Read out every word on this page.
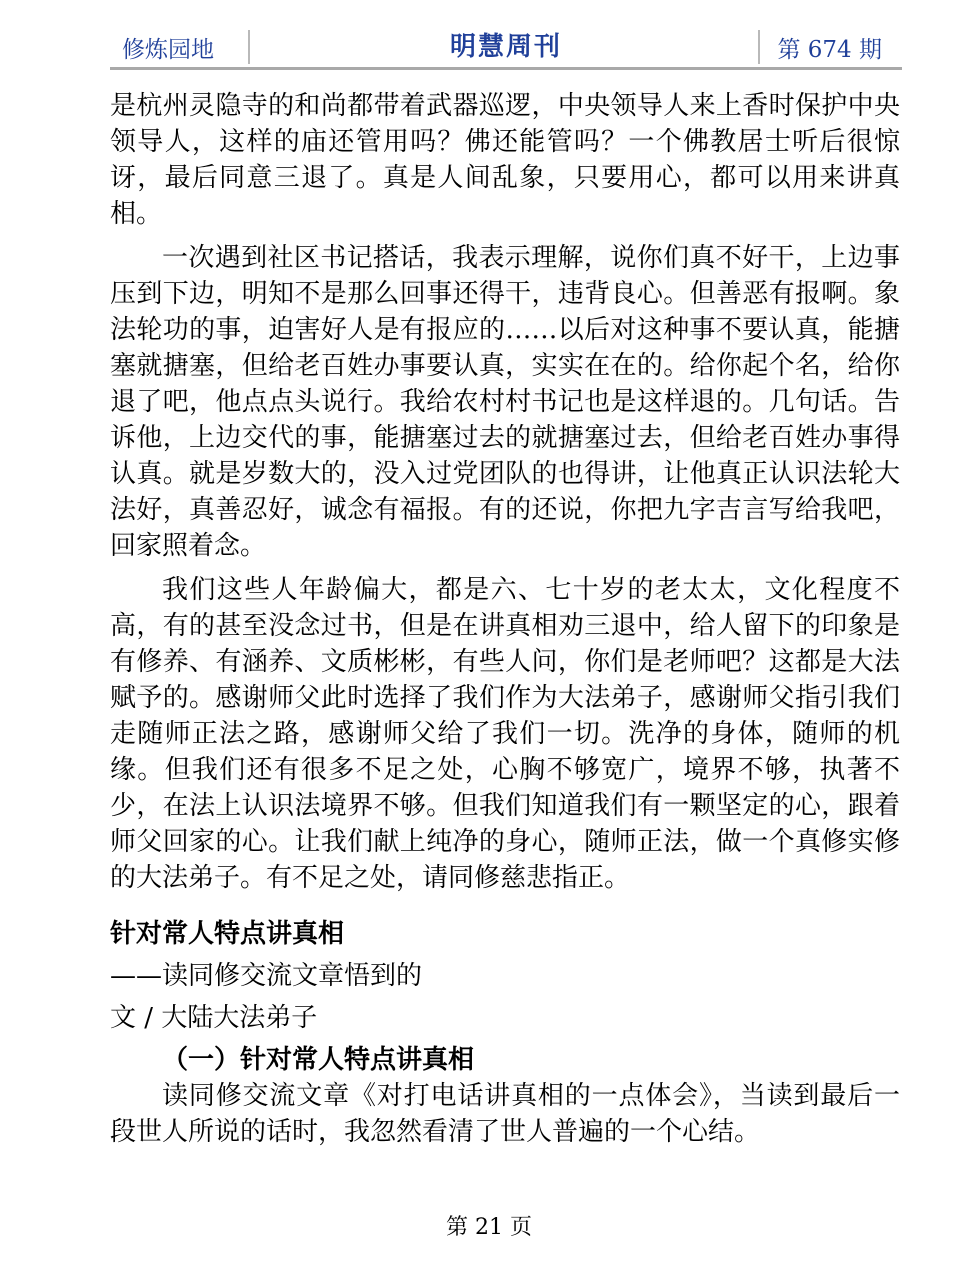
修炼园地	明慧周刊	第 674 期

是杭州灵隐寺的和尚都带着武器巡逻，中央领导人来上香时保护中央领导人，这样的庙还管用吗？佛还能管吗？一个佛教居士听后很惊讶，最后同意三退了。真是人间乱象，只要用心，都可以用来讲真相。

一次遇到社区书记搭话，我表示理解，说你们真不好干，上边事压到下边，明知不是那么回事还得干，违背良心。但善恶有报啊。象法轮功的事，迫害好人是有报应的……以后对这种事不要认真，能搪塞就搪塞，但给老百姓办事要认真，实实在在的。给你起个名，给你退了吧，他点点头说行。我给农村村书记也是这样退的。几句话。告诉他，上边交代的事，能搪塞过去的就搪塞过去，但给老百姓办事得认真。就是岁数大的，没入过党团队的也得讲，让他真正认识法轮大法好，真善忍好，诚念有福报。有的还说，你把九字吉言写给我吧，回家照着念。

我们这些人年龄偏大，都是六、七十岁的老太太，文化程度不高，有的甚至没念过书，但是在讲真相劝三退中，给人留下的印象是有修养、有涵养、文质彬彬，有些人问，你们是老师吧？这都是大法赋予的。感谢师父此时选择了我们作为大法弟子，感谢师父指引我们走随师正法之路，感谢师父给了我们一切。洗净的身体，随师的机缘。但我们还有很多不足之处，心胸不够宽广，境界不够，执著不少，在法上认识法境界不够。但我们知道我们有一颗坚定的心，跟着师父回家的心。让我们献上纯净的身心，随师正法，做一个真修实修的大法弟子。有不足之处，请同修慈悲指正。

针对常人特点讲真相

——读同修交流文章悟到的

文 / 大陆大法弟子

（一）针对常人特点讲真相

读同修交流文章《对打电话讲真相的一点体会》，当读到最后一段世人所说的话时，我忽然看清了世人普遍的一个心结。

第 21 页
